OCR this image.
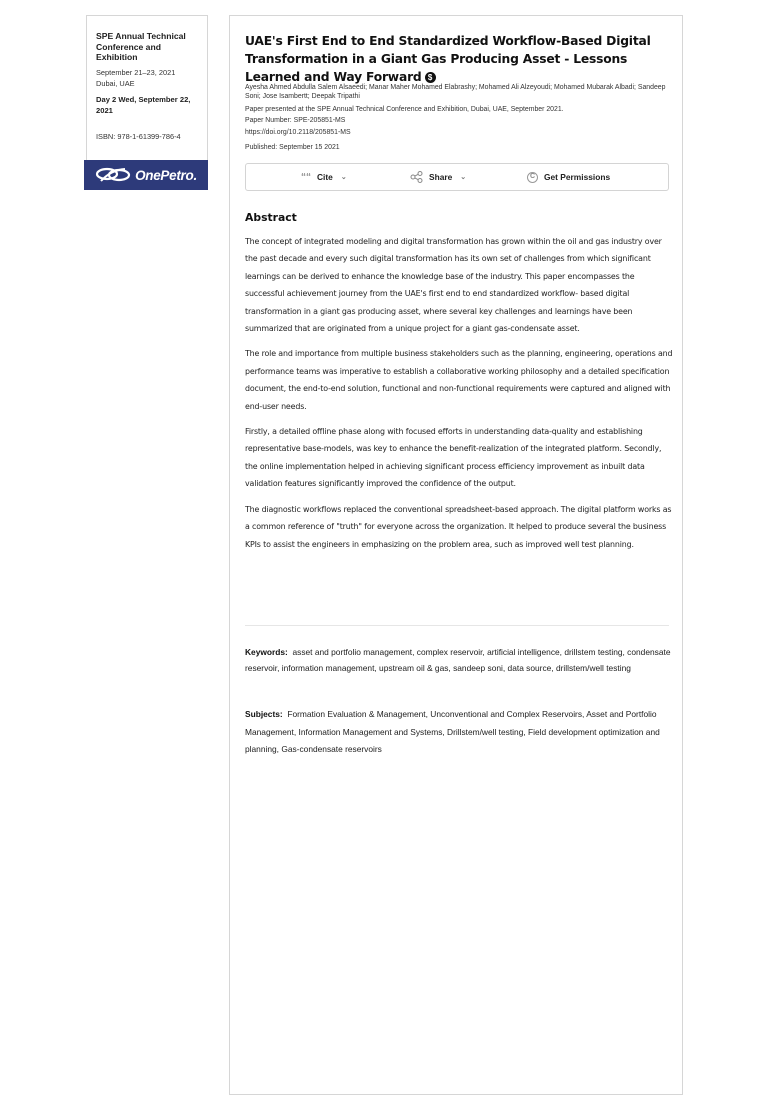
SPE Annual Technical Conference and Exhibition
September 21–23, 2021
Dubai, UAE
Day 2 Wed, September 22, 2021
ISBN: 978-1-61399-786-4
OnePetro.
UAE's First End to End Standardized Workflow-Based Digital Transformation in a Giant Gas Producing Asset - Lessons Learned and Way Forward $
Ayesha Ahmed Abdulla Salem Alsaeedi; Manar Maher Mohamed Elabrashy; Mohamed Ali Alzeyoudi; Mohamed Mubarak Albadi; Sandeep Soni; Jose Isambertt; Deepak Tripathi
Paper presented at the SPE Annual Technical Conference and Exhibition, Dubai, UAE, September 2021.
Paper Number: SPE-205851-MS
https://doi.org/10.2118/205851-MS
Published: September 15 2021
““ Cite ⌄	Share ⌄	C	Get Permissions
Abstract

The concept of integrated modeling and digital transformation has grown within the oil and gas industry over the past decade and every such digital transformation has its own set of challenges from which significant learnings can be derived to enhance the knowledge base of the industry. This paper encompasses the successful achievement journey from the UAE's first end to end standardized workflow- based digital transformation in a giant gas producing asset, where several key challenges and learnings have been summarized that are originated from a unique project for a giant gas-condensate asset.

The role and importance from multiple business stakeholders such as the planning, engineering, operations and performance teams was imperative to establish a collaborative working philosophy and a detailed specification document, the end-to-end solution, functional and non-functional requirements were captured and aligned with end-user needs.

Firstly, a detailed offline phase along with focused efforts in understanding data-quality and establishing representative base-models, was key to enhance the benefit-realization of the integrated platform. Secondly, the online implementation helped in achieving significant process efficiency improvement as inbuilt data validation features significantly improved the confidence of the output.

The diagnostic workflows replaced the conventional spreadsheet-based approach. The digital platform works as a common reference of "truth" for everyone across the organization. It helped to produce several the business KPIs to assist the engineers in emphasizing on the problem area, such as improved well test planning.

Keywords: asset and portfolio management, complex reservoir, artificial intelligence, drillstem testing, condensate reservoir, information management, upstream oil & gas, sandeep soni, data source, drillstem/well testing
Subjects: Formation Evaluation & Management, Unconventional and Complex Reservoirs, Asset and Portfolio Management, Information Management and Systems, Drillstem/well testing, Field development optimization and planning, Gas-condensate reservoirs
